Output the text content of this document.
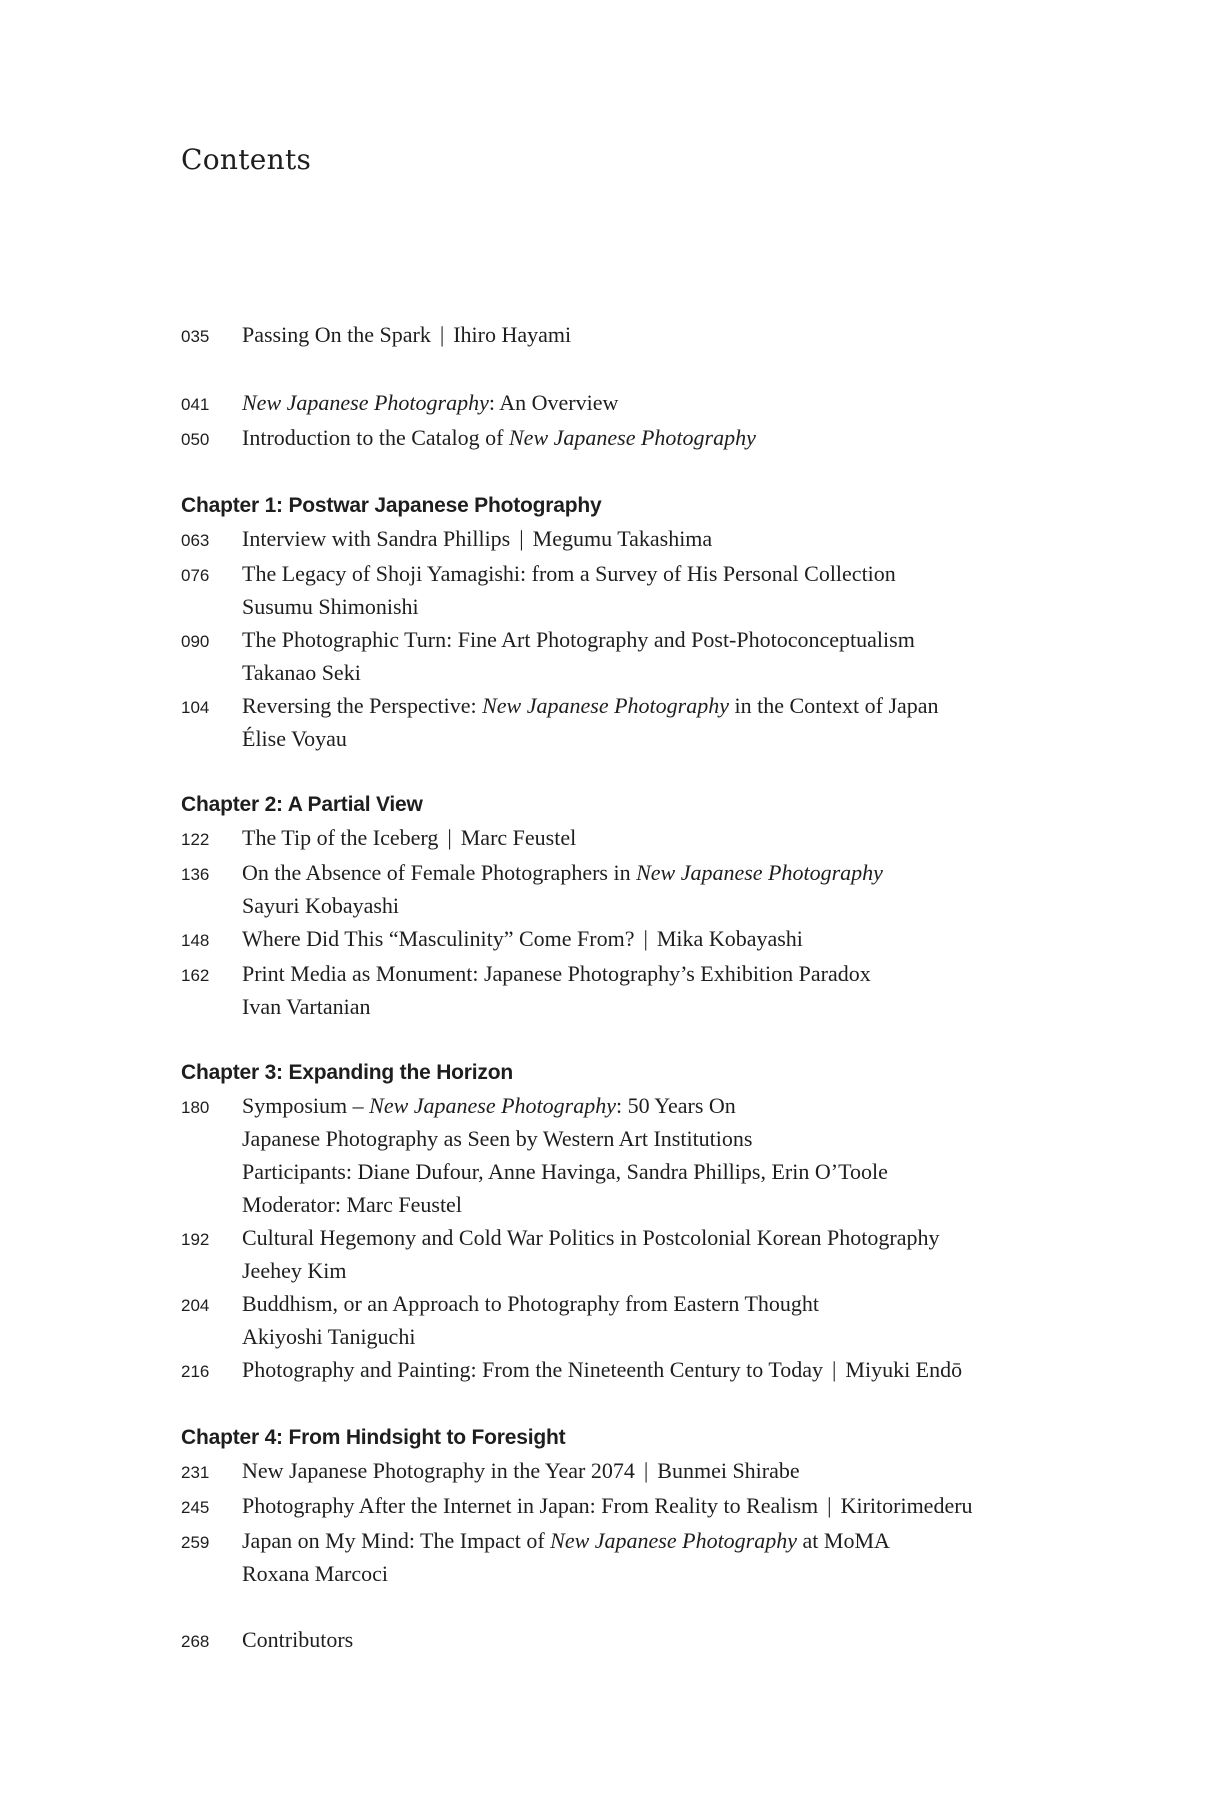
Contents
035	Passing On the Spark | Ihiro Hayami
041	New Japanese Photography: An Overview
050	Introduction to the Catalog of New Japanese Photography
Chapter 1: Postwar Japanese Photography
063	Interview with Sandra Phillips | Megumu Takashima
076	The Legacy of Shoji Yamagishi: from a Survey of His Personal Collection
Susumu Shimonishi
090	The Photographic Turn: Fine Art Photography and Post-Photoconceptualism
Takanao Seki
104	Reversing the Perspective: New Japanese Photography in the Context of Japan
Élise Voyau
Chapter 2: A Partial View
122	The Tip of the Iceberg | Marc Feustel
136	On the Absence of Female Photographers in New Japanese Photography
Sayuri Kobayashi
148	Where Did This “Masculinity” Come From? | Mika Kobayashi
162	Print Media as Monument: Japanese Photography’s Exhibition Paradox
Ivan Vartanian
Chapter 3: Expanding the Horizon
180	Symposium – New Japanese Photography: 50 Years On
Japanese Photography as Seen by Western Art Institutions
Participants: Diane Dufour, Anne Havinga, Sandra Phillips, Erin O’Toole
Moderator: Marc Feustel
192	Cultural Hegemony and Cold War Politics in Postcolonial Korean Photography
Jeehey Kim
204	Buddhism, or an Approach to Photography from Eastern Thought
Akiyoshi Taniguchi
216	Photography and Painting: From the Nineteenth Century to Today | Miyuki Endō
Chapter 4: From Hindsight to Foresight
231	New Japanese Photography in the Year 2074 | Bunmei Shirabe
245	Photography After the Internet in Japan: From Reality to Realism | Kiritorimederu
259	Japan on My Mind: The Impact of New Japanese Photography at MoMA
Roxana Marcoci
268	Contributors
